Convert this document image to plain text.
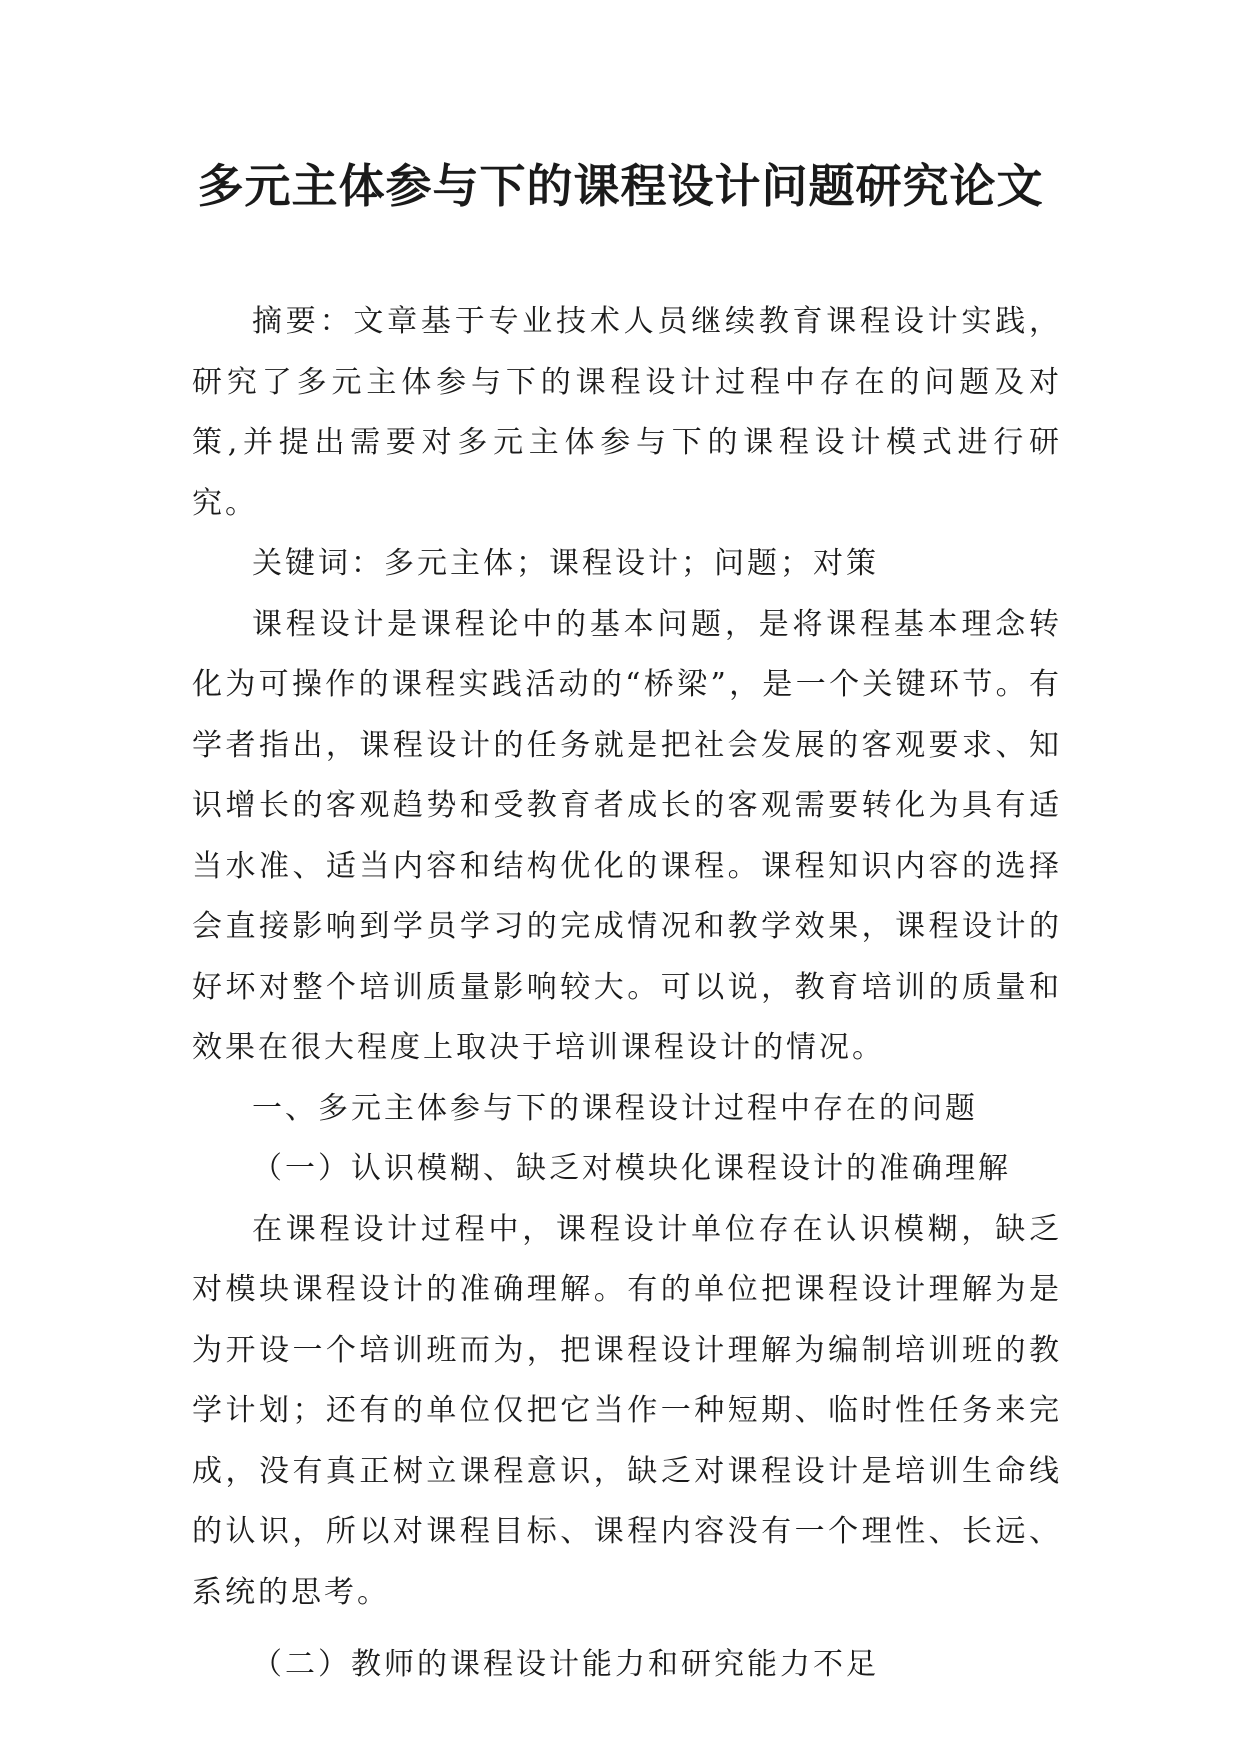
多元主体参与下的课程设计问题研究论文

摘要：文章基于专业技术人员继续教育课程设计实践，研究了多元主体参与下的课程设计过程中存在的问题及对策,并提出需要对多元主体参与下的课程设计模式进行研究。

关键词：多元主体；课程设计；问题；对策

课程设计是课程论中的基本问题，是将课程基本理念转化为可操作的课程实践活动的“桥梁”，是一个关键环节。有学者指出，课程设计的任务就是把社会发展的客观要求、知识增长的客观趋势和受教育者成长的客观需要转化为具有适当水准、适当内容和结构优化的课程。课程知识内容的选择会直接影响到学员学习的完成情况和教学效果，课程设计的好坏对整个培训质量影响较大。可以说，教育培训的质量和效果在很大程度上取决于培训课程设计的情况。

一、多元主体参与下的课程设计过程中存在的问题

（一）认识模糊、缺乏对模块化课程设计的准确理解

在课程设计过程中，课程设计单位存在认识模糊，缺乏对模块课程设计的准确理解。有的单位把课程设计理解为是为开设一个培训班而为，把课程设计理解为编制培训班的教学计划；还有的单位仅把它当作一种短期、临时性任务来完成，没有真正树立课程意识，缺乏对课程设计是培训生命线的认识，所以对课程目标、课程内容没有一个理性、长远、系统的思考。

（二）教师的课程设计能力和研究能力不足
